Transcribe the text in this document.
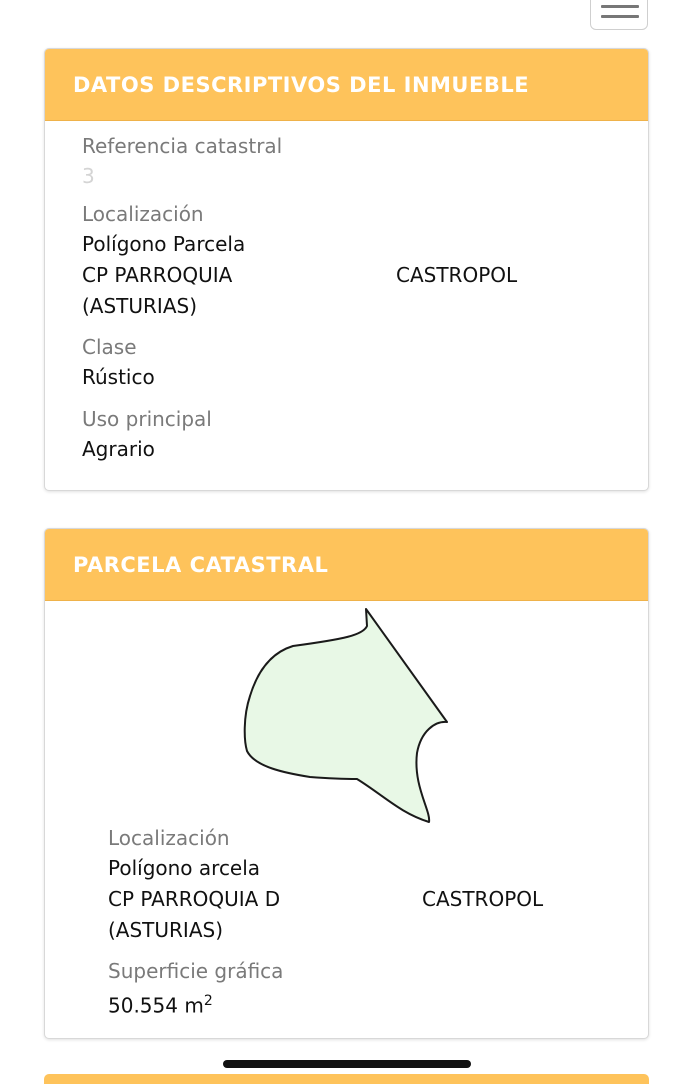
DATOS DESCRIPTIVOS DEL INMUEBLE
Referencia catastral
3
Localización
Polígono Parcela
CP PARROQUIA	CASTROPOL
(ASTURIAS)
Clase
Rústico
Uso principal
Agrario
PARCELA CATASTRAL
Localización
Polígono arcela
CP PARROQUIA D	CASTROPOL
(ASTURIAS)
Superficie gráfica
50.554 $m^2$
